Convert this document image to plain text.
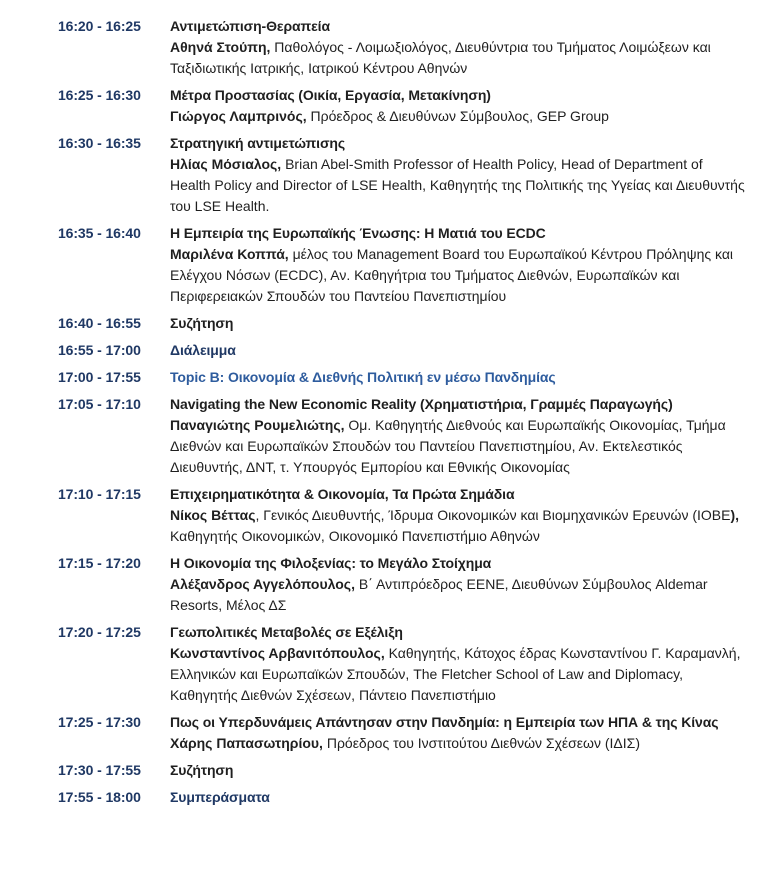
16:20 - 16:25	Αντιμετώπιση-Θεραπεία
Αθηνά Στούπη, Παθολόγος - Λοιμωξιολόγος, Διευθύντρια του Τμήματος Λοιμώξεων και Ταξιδιωτικής Ιατρικής, Ιατρικού Κέντρου Αθηνών
16:25 - 16:30	Μέτρα Προστασίας (Οικία, Εργασία, Μετακίνηση)
Γιώργος Λαμπρινός, Πρόεδρος & Διευθύνων Σύμβουλος, GEP Group
16:30 - 16:35	Στρατηγική αντιμετώπισης
Ηλίας Μόσιαλος, Brian Abel-Smith Professor of Health Policy, Head of Department of Health Policy and Director of LSE Health, Καθηγητής της Πολιτικής της Υγείας και Διευθυντής του LSE Health.
16:35 - 16:40	Η Εμπειρία της Ευρωπαϊκής Ένωσης: Η Ματιά του ECDC
Μαριλένα Κοππά, μέλος του Management Board του Ευρωπαϊκού Κέντρου Πρόληψης και Ελέγχου Νόσων (ECDC), Αν. Καθηγήτρια του Τμήματος Διεθνών, Ευρωπαϊκών και Περιφερειακών Σπουδών του Παντείου Πανεπιστημίου
16:40 - 16:55	Συζήτηση
16:55 - 17:00	Διάλειμμα
17:00 - 17:55	Topic B: Οικονομία & Διεθνής Πολιτική εν μέσω Πανδημίας
17:05 - 17:10	Navigating the New Economic Reality (Χρηματιστήρια, Γραμμές Παραγωγής)
Παναγιώτης Ρουμελιώτης, Ομ. Καθηγητής Διεθνούς και Ευρωπαϊκής Οικονομίας, Τμήμα Διεθνών και Ευρωπαϊκών Σπουδών του Παντείου Πανεπιστημίου, Αν. Εκτελεστικός Διευθυντής, ΔΝΤ, τ. Υπουργός Εμπορίου και Εθνικής Οικονομίας
17:10 - 17:15	Επιχειρηματικότητα & Οικονομία, Τα Πρώτα Σημάδια
Νίκος Βέττας, Γενικός Διευθυντής, Ίδρυμα Οικονομικών και Βιομηχανικών Ερευνών (ΙΟΒΕ), Καθηγητής Οικονομικών, Οικονομικό Πανεπιστήμιο Αθηνών
17:15 - 17:20	Η Οικονομία της Φιλοξενίας: το Μεγάλο Στοίχημα
Αλέξανδρος Αγγελόπουλος, Β΄ Αντιπρόεδρος ΕΕΝΕ, Διευθύνων Σύμβουλος Aldemar Resorts, Μέλος ΔΣ
17:20 - 17:25	Γεωπολιτικές Μεταβολές σε Εξέλιξη
Κωνσταντίνος Αρβανιτόπουλος, Καθηγητής, Κάτοχος έδρας Κωνσταντίνου Γ. Καραμανλή, Ελληνικών και Ευρωπαϊκών Σπουδών, The Fletcher School of Law and Diplomacy, Καθηγητής Διεθνών Σχέσεων, Πάντειο Πανεπιστήμιο
17:25 - 17:30	Πως οι Υπερδυνάμεις Απάντησαν στην Πανδημία: η Εμπειρία των ΗΠΑ & της Κίνας
Χάρης Παπασωτηρίου, Πρόεδρος του Ινστιτούτου Διεθνών Σχέσεων (ΙΔΙΣ)
17:30 - 17:55	Συζήτηση
17:55 - 18:00	Συμπεράσματα
